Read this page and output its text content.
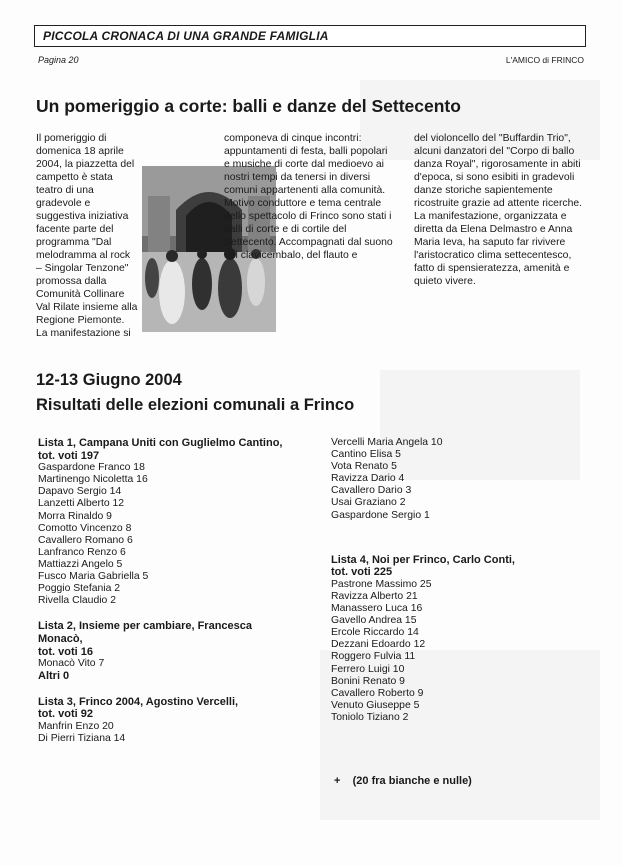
PICCOLA CRONACA DI UNA GRANDE FAMIGLIA
Pagina 20	L'AMICO di FRINCO
Un pomeriggio a corte: balli e danze del Settecento
Il pomeriggio di domenica 18 aprile 2004, la piazzetta del campetto è stata teatro di una gradevole e suggestiva iniziativa facente parte del programma "Dal melodramma al rock – Singolar Tenzone" promossa dalla Comunità Collinare Val Rilate insieme alla Regione Piemonte. La manifestazione si
componeva di cinque incontri: appuntamenti di festa, balli popolari e musiche di corte dal medioevo ai nostri tempi da tenersi in diversi comuni appartenenti alla comunità. Motivo conduttore e tema centrale dello spettacolo di Frinco sono stati i balli di corte e di cortile del Settecento. Accompagnati dal suono del clavicembalo, del flauto e
del violoncello del "Buffardin Trio", alcuni danzatori del "Corpo di ballo danza Royal", rigorosamente in abiti d'epoca, si sono esibiti in gradevoli danze storiche sapientemente ricostruite grazie ad attente ricerche. La manifestazione, organizzata e diretta da Elena Delmastro e Anna Maria Ieva, ha saputo far rivivere l'aristocratico clima settecentesco, fatto di spensieratezza, amenità e quieto vivere.
12-13 Giugno 2004
Risultati delle elezioni comunali a Frinco
Lista 1, Campana Uniti con Guglielmo Cantino,
tot. voti 197
Gaspardone Franco 18
Martinengo Nicoletta 16
Dapavo Sergio 14
Lanzetti Alberto 12
Morra Rinaldo 9
Comotto Vincenzo 8
Cavallero Romano 6
Lanfranco Renzo 6
Mattiazzi Angelo 5
Fusco Maria Gabriella 5
Poggio Stefania 2
Rivella Claudio 2
Lista 2, Insieme per cambiare, Francesca Monacò,
tot. voti 16
Monacò Vito 7
Altri 0
Lista 3, Frinco 2004, Agostino Vercelli,
tot. voti 92
Manfrin Enzo 20
Di Pierri Tiziana 14
Vercelli Maria Angela 10
Cantino Elisa 5
Vota Renato 5
Ravizza Dario 4
Cavallero Dario 3
Usai Graziano 2
Gaspardone Sergio 1
Lista 4, Noi per Frinco, Carlo Conti,
tot. voti 225
Pastrone Massimo 25
Ravizza Alberto 21
Manassero Luca 16
Gavello Andrea 15
Ercole Riccardo 14
Dezzani Edoardo 12
Roggero Fulvia 11
Ferrero Luigi 10
Bonini Renato 9
Cavallero Roberto 9
Venuto Giuseppe 5
Toniolo Tiziano 2
+    (20 fra bianche e nulle)
